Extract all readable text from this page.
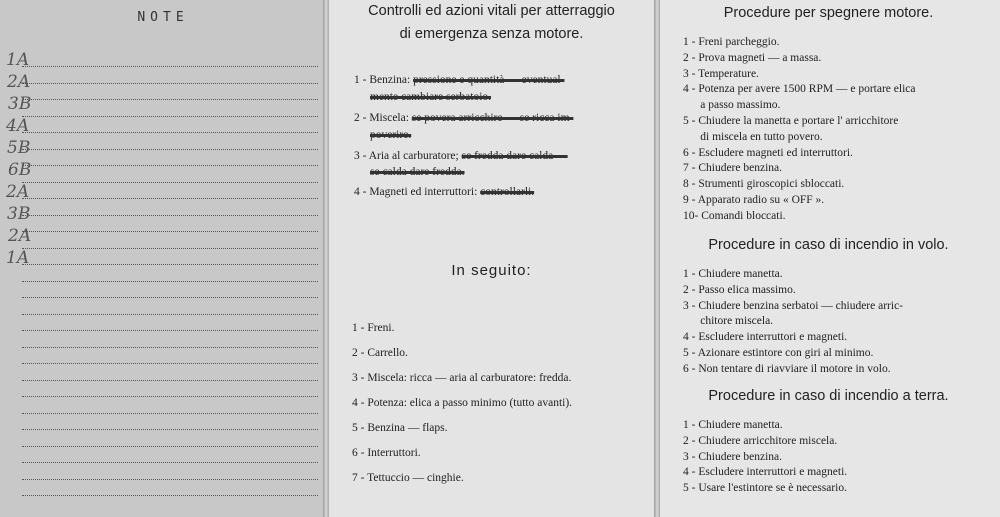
NOTE
1A
2A
3B
4A
5B
6B
2A
3B
2A
1A
Controlli ed azioni vitali per atterraggio
di emergenza senza motore.
1 - Benzina: pressione e quantità — eventual-
mente cambiare serbatoio.
2 - Miscela: se povera arricchire — se ricca im-
poverire.
3 - Aria al carburatore; se fredda dare calda —
se calda dare fredda.
4 - Magneti ed interruttori: controllarli.
In seguito:
1 - Freni.
2 - Carrello.
3 - Miscela: ricca — aria al carburatore: fredda.
4 - Potenza: elica a passo minimo (tutto avanti).
5 - Benzina — flaps.
6 - Interruttori.
7 - Tettuccio — cinghie.
Procedure per spegnere motore.
1 - Freni parcheggio.
2 - Prova magneti — a massa.
3 - Temperature.
4 - Potenza per avere 1500 RPM — e portare elica
a passo massimo.
5 - Chiudere la manetta e portare l' arricchitore
di miscela en tutto povero.
6 - Escludere magneti ed interruttori.
7 - Chiudere benzina.
8 - Strumenti giroscopici sbloccati.
9 - Apparato radio su « OFF ».
10- Comandi bloccati.
Procedure in caso di incendio in volo.
1 - Chiudere manetta.
2 - Passo elica massimo.
3 - Chiudere benzina serbatoi — chiudere arric-
chitore miscela.
4 - Escludere interruttori e magneti.
5 - Azionare estintore con giri al minimo.
6 - Non tentare di riavviare il motore in volo.
Procedure in caso di incendio a terra.
1 - Chiudere manetta.
2 - Chiudere arricchitore miscela.
3 - Chiudere benzina.
4 - Escludere interruttori e magneti.
5 - Usare l'estintore se è necessario.
